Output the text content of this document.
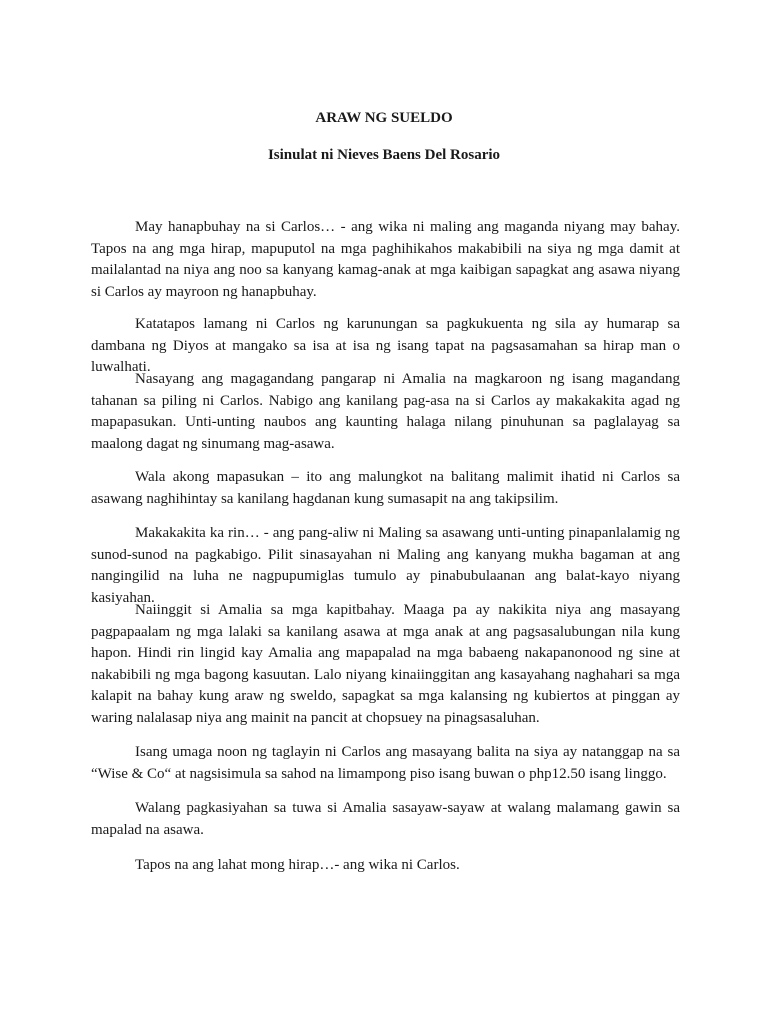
ARAW NG SUELDO
Isinulat ni Nieves Baens Del Rosario

May hanapbuhay na si Carlos… - ang wika ni maling ang maganda niyang may bahay. Tapos na ang mga hirap, mapuputol na mga paghihikahos makabibili na siya ng mga damit at mailalantad na niya ang noo sa kanyang kamag-anak at mga kaibigan sapagkat ang asawa niyang si Carlos ay mayroon ng hanapbuhay.

Katatapos lamang ni Carlos ng karunungan sa pagkukuenta ng sila ay humarap sa dambana ng Diyos at mangako sa isa at isa ng isang tapat na pagsasamahan sa hirap man o luwalhati.

Nasayang ang magagandang pangarap ni Amalia na magkaroon ng isang magandang tahanan sa piling ni Carlos. Nabigo ang kanilang pag-asa na si Carlos ay makakakita agad ng mapapasukan. Unti-unting naubos ang kaunting halaga nilang pinuhunan sa paglalayag sa maalong dagat ng sinumang mag-asawa.

Wala akong mapasukan – ito ang malungkot na balitang malimit ihatid ni Carlos sa asawang naghihintay sa kanilang hagdanan kung sumasapit na ang takipsilim.

Makakakita ka rin… - ang pang-aliw ni Maling sa asawang unti-unting pinapanlalamig ng sunod-sunod na pagkabigo. Pilit sinasayahan ni Maling ang kanyang mukha bagaman at ang nangingilid na luha ne nagpupumiglas tumulo ay pinabubulaanan ang balat-kayo niyang kasiyahan.

Naiinggit si Amalia sa mga kapitbahay. Maaga pa ay nakikita niya ang masayang pagpapaalam ng mga lalaki sa kanilang asawa at mga anak at ang pagsasalubungan nila kung hapon. Hindi rin lingid kay Amalia ang mapapalad na mga babaeng nakapanonood ng sine at nakabibili ng mga bagong kasuutan. Lalo niyang kinaiinggitan ang kasayahang naghahari sa mga kalapit na bahay kung araw ng sweldo, sapagkat sa mga kalansing ng kubiertos at pinggan ay waring nalalasap niya ang mainit na pancit at chopsuey na pinagsasaluhan.

Isang umaga noon ng taglayin ni Carlos ang masayang balita na siya ay natanggap na sa “Wise & Co“ at nagsisimula sa sahod na limampong piso isang buwan o php12.50 isang linggo.

Walang pagkasiyahan sa tuwa si Amalia sasayaw-sayaw at walang malamang gawin sa mapalad na asawa.

Tapos na ang lahat mong hirap…- ang wika ni Carlos.
